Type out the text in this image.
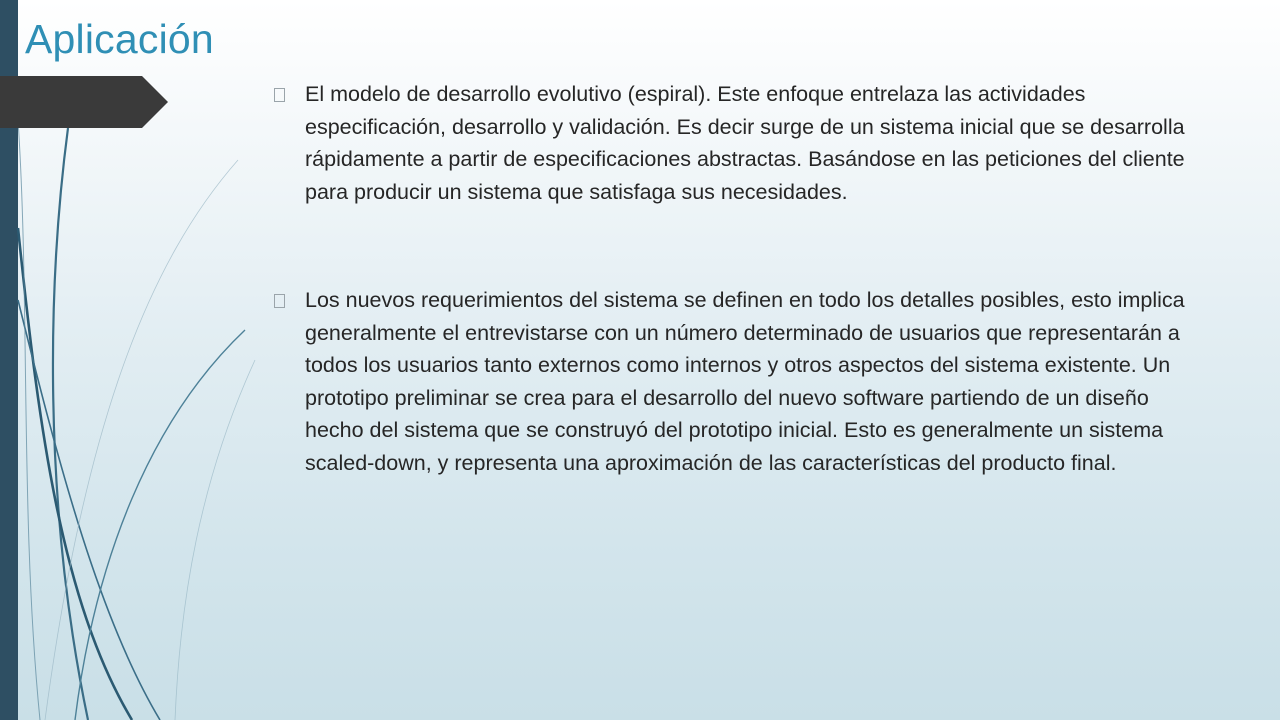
Aplicación

El modelo de desarrollo evolutivo (espiral). Este enfoque entrelaza las actividades especificación, desarrollo y validación. Es decir surge de un sistema inicial que se desarrolla rápidamente a partir de especificaciones abstractas. Basándose en las peticiones del cliente para producir un sistema que satisfaga sus necesidades.

Los nuevos requerimientos del sistema se definen en todo los detalles posibles, esto implica generalmente el entrevistarse con un número determinado de usuarios que representarán a todos los usuarios tanto externos como internos y otros aspectos del sistema existente. Un prototipo preliminar se crea para el desarrollo del nuevo software partiendo de un diseño hecho del sistema que se construyó del prototipo inicial. Esto es generalmente un sistema scaled-down, y representa una aproximación de las características del producto final.
